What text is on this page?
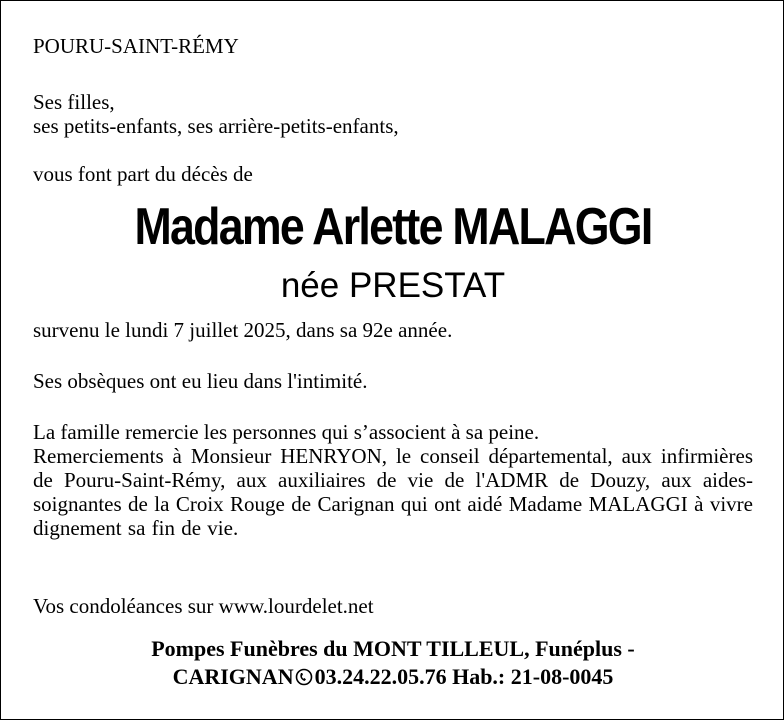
POURU-SAINT-RÉMY
Ses filles,
ses petits-enfants, ses arrière-petits-enfants,
vous font part du décès de
Madame Arlette MALAGGI
née PRESTAT
survenu le lundi 7 juillet 2025, dans sa 92e année.
Ses obsèques ont eu lieu dans l'intimité.
La famille remercie les personnes qui s’associent à sa peine.
Remerciements à Monsieur HENRYON, le conseil départemental, aux infirmières de Pouru-Saint-Rémy, aux auxiliaires de vie de l'ADMR de Douzy, aux aides-soignantes de la Croix Rouge de Carignan qui ont aidé Madame MALAGGI à vivre dignement sa fin de vie.
Vos condoléances sur www.lourdelet.net
Pompes Funèbres du MONT TILLEUL, Funéplus -
CARIGNAN 03.24.22.05.76 Hab.: 21-08-0045
